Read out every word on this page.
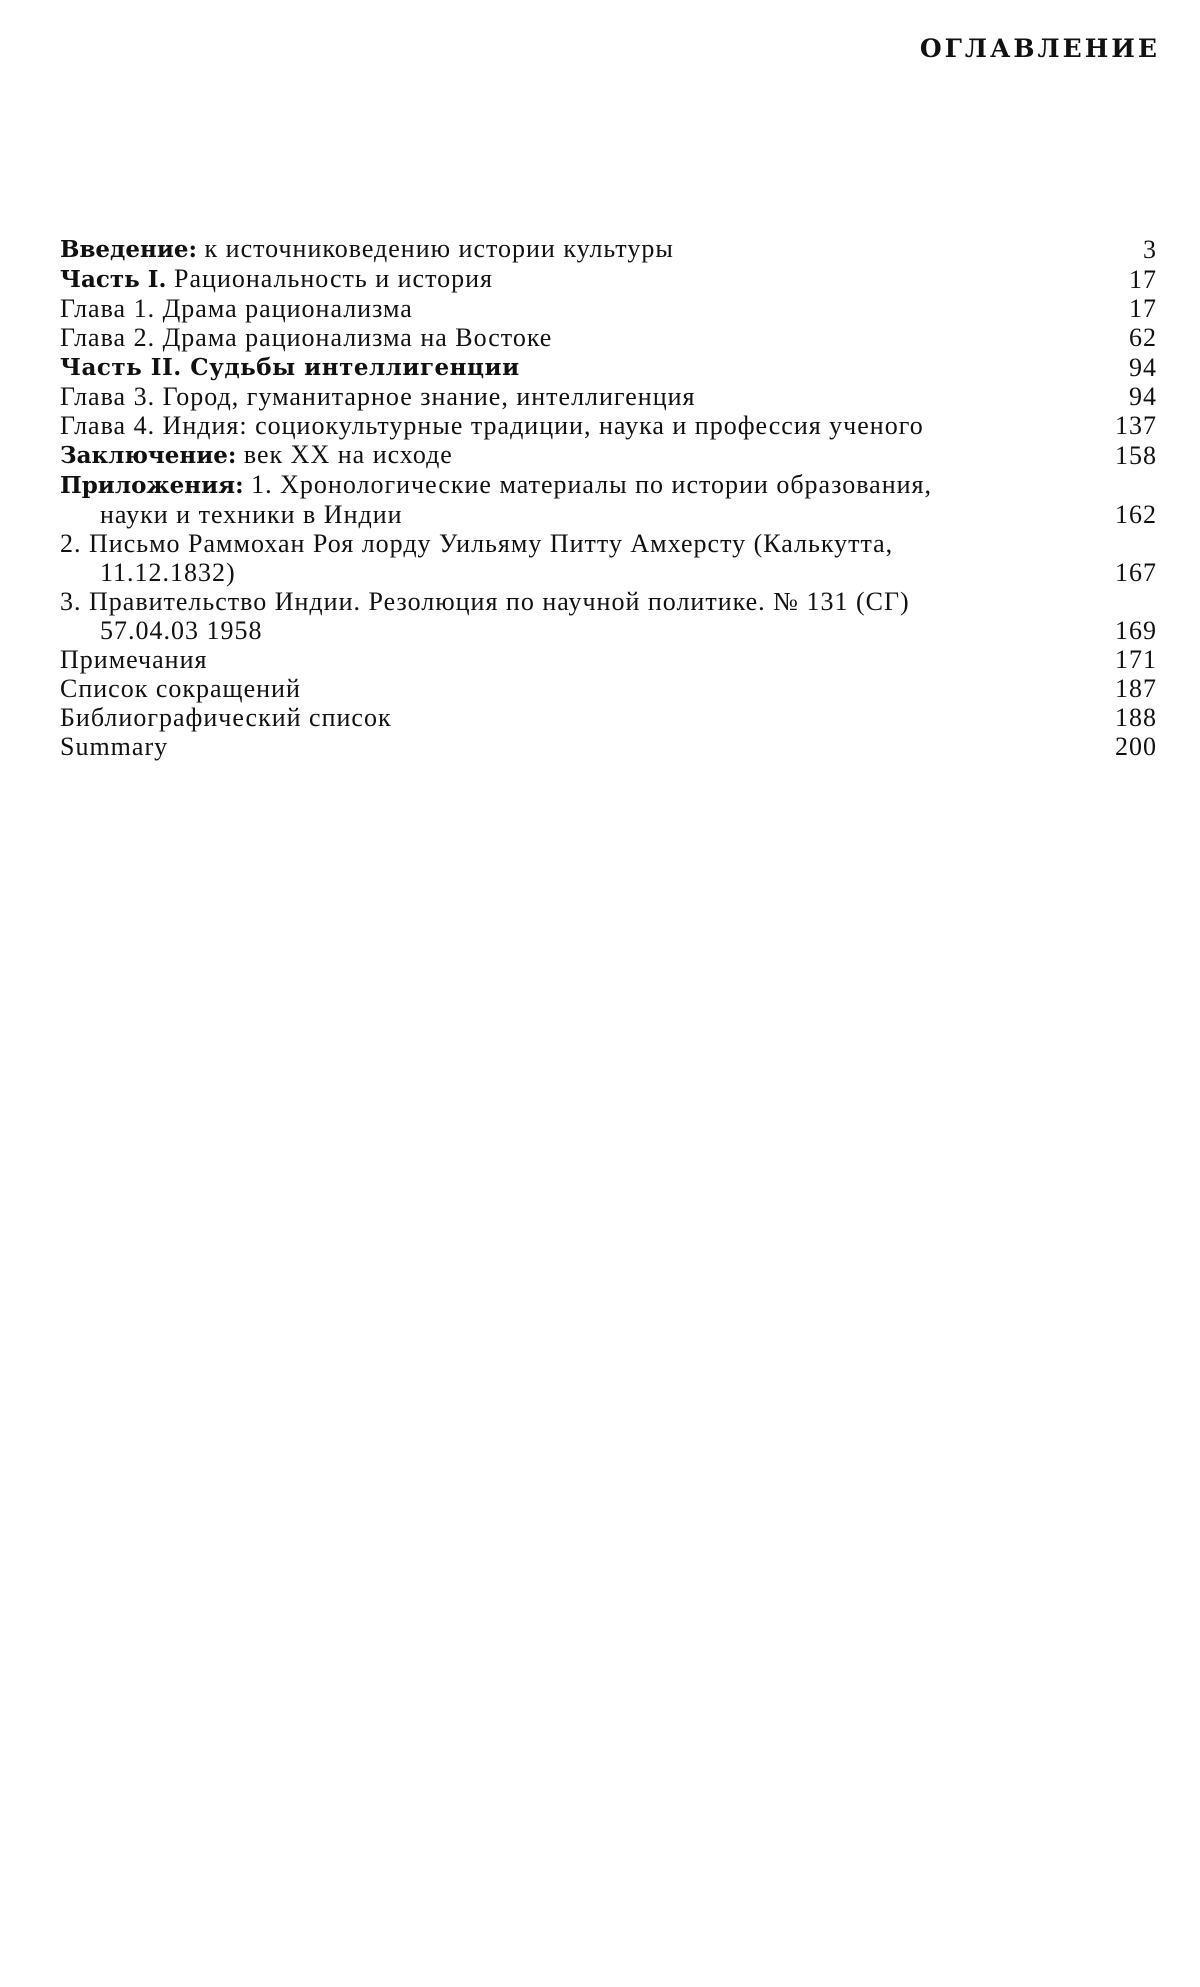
ОГЛАВЛЕНИЕ
Введение: к источниковедению истории культуры	3
Часть I. Рациональность и история	17
Глава 1. Драма рационализма	17
Глава 2. Драма рационализма на Востоке	62
Часть II. Судьбы интеллигенции	94
Глава 3. Город, гуманитарное знание, интеллигенция	94
Глава 4. Индия: социокультурные традиции, наука и профессия ученого	137
Заключение: век XX на исходе	158
Приложения: 1. Хронологические материалы по истории образования,
науки и техники в Индии	162
2. Письмо Раммохан Роя лорду Уильяму Питту Амхерсту (Калькутта,
11.12.1832)	167
3. Правительство Индии. Резолюция по научной политике. № 131 (СГ)
57.04.03 1958	169
Примечания	171
Список сокращений	187
Библиографический список	188
Summary	200
